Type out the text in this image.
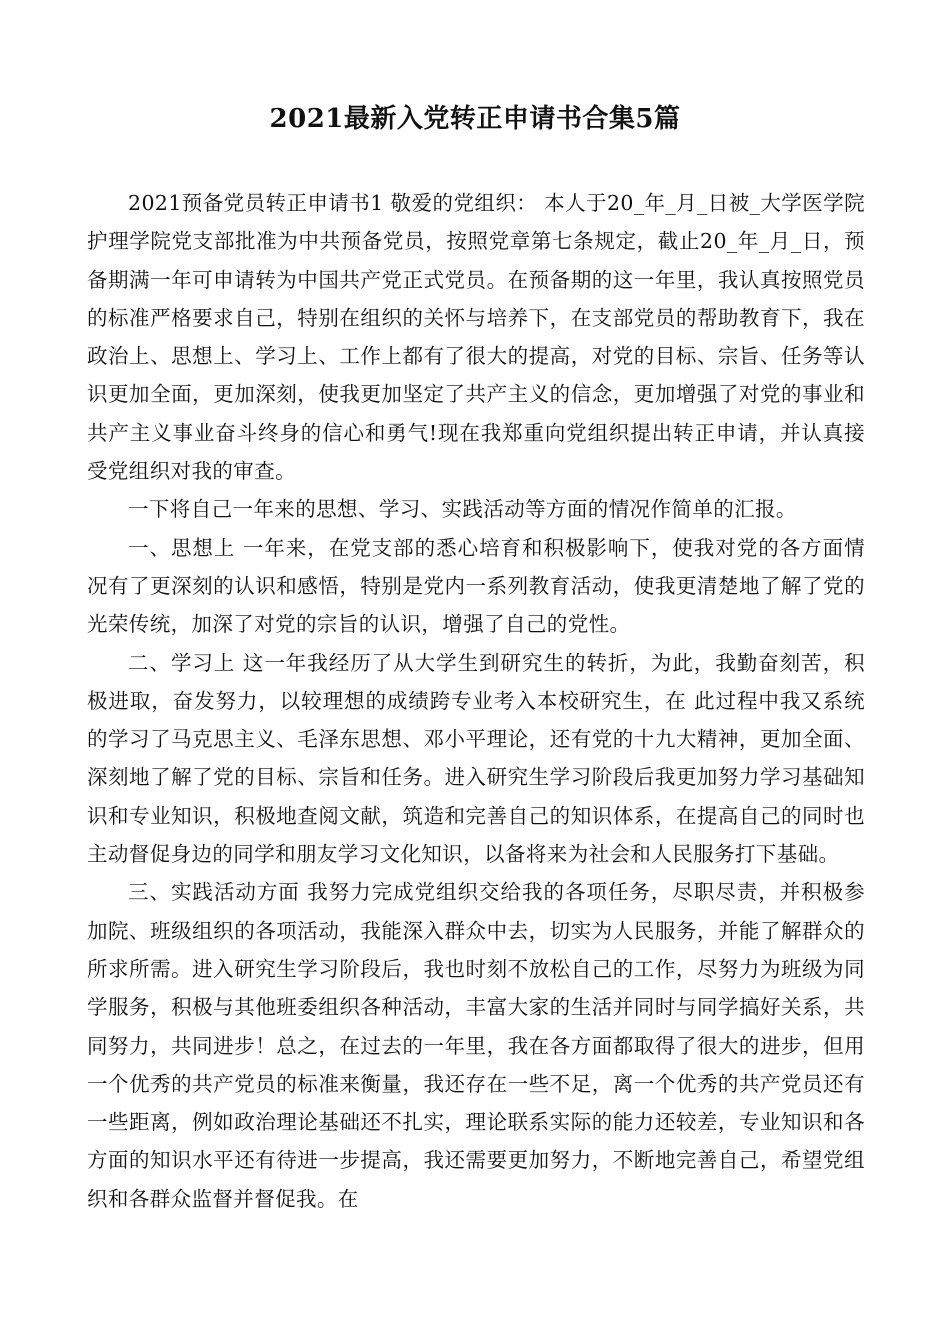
2021最新入党转正申请书合集5篇

2021预备党员转正申请书1 敬爱的党组织： 本人于20_年_月_日被_大学医学院护理学院党支部批准为中共预备党员，按照党章第七条规定，截止20_年_月_日，预备期满一年可申请转为中国共产党正式党员。在预备期的这一年里，我认真按照党员的标准严格要求自己，特别在组织的关怀与培养下，在支部党员的帮助教育下，我在政治上、思想上、学习上、工作上都有了很大的提高，对党的目标、宗旨、任务等认识更加全面，更加深刻，使我更加坚定了共产主义的信念，更加增强了对党的事业和共产主义事业奋斗终身的信心和勇气!现在我郑重向党组织提出转正申请，并认真接受党组织对我的审查。

一下将自己一年来的思想、学习、实践活动等方面的情况作简单的汇报。

一、思想上 一年来，在党支部的悉心培育和积极影响下，使我对党的各方面情况有了更深刻的认识和感悟，特别是党内一系列教育活动，使我更清楚地了解了党的光荣传统，加深了对党的宗旨的认识，增强了自己的党性。

二、学习上 这一年我经历了从大学生到研究生的转折，为此，我勤奋刻苦，积极进取，奋发努力，以较理想的成绩跨专业考入本校研究生，在 此过程中我又系统的学习了马克思主义、毛泽东思想、邓小平理论，还有党的十九大精神，更加全面、深刻地了解了党的目标、宗旨和任务。进入研究生学习阶段后我更加努力学习基础知识和专业知识，积极地查阅文献，筑造和完善自己的知识体系，在提高自己的同时也主动督促身边的同学和朋友学习文化知识，以备将来为社会和人民服务打下基础。

三、实践活动方面 我努力完成党组织交给我的各项任务，尽职尽责，并积极参加院、班级组织的各项活动，我能深入群众中去，切实为人民服务，并能了解群众的所求所需。进入研究生学习阶段后，我也时刻不放松自己的工作，尽努力为班级为同学服务，积极与其他班委组织各种活动，丰富大家的生活并同时与同学搞好关系，共同努力，共同进步！总之，在过去的一年里，我在各方面都取得了很大的进步，但用一个优秀的共产党员的标准来衡量，我还存在一些不足，离一个优秀的共产党员还有一些距离，例如政治理论基础还不扎实，理论联系实际的能力还较差，专业知识和各方面的知识水平还有待进一步提高，我还需要更加努力，不断地完善自己，希望党组织和各群众监督并督促我。在
